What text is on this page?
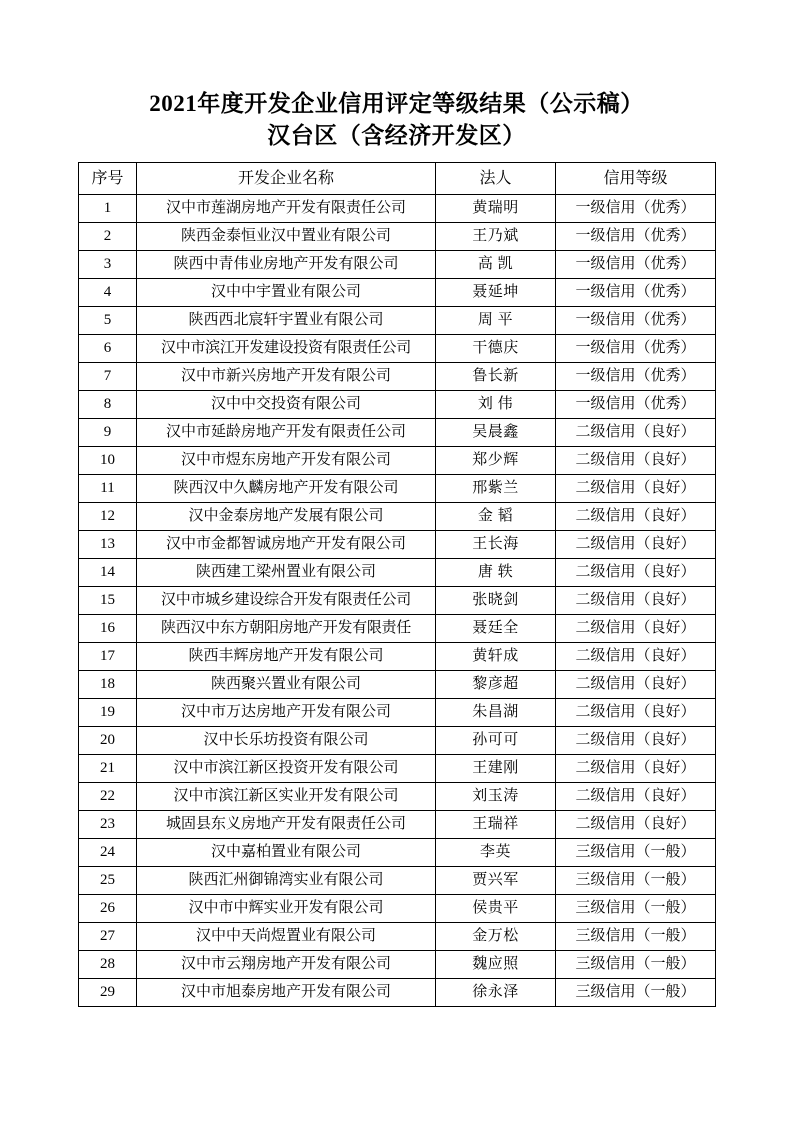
2021年度开发企业信用评定等级结果（公示稿）
汉台区（含经济开发区）
序号	开发企业名称	法人	信用等级
1	汉中市莲湖房地产开发有限责任公司	黄瑞明	一级信用（优秀）
2	陕西金泰恒业汉中置业有限公司	王乃斌	一级信用（优秀）
3	陕西中青伟业房地产开发有限公司	高 凯	一级信用（优秀）
4	汉中中宇置业有限公司	聂延坤	一级信用（优秀）
5	陕西西北宸轩宇置业有限公司	周 平	一级信用（优秀）
6	汉中市滨江开发建设投资有限责任公司	干德庆	一级信用（优秀）
7	汉中市新兴房地产开发有限公司	鲁长新	一级信用（优秀）
8	汉中中交投资有限公司	刘 伟	一级信用（优秀）
9	汉中市延龄房地产开发有限责任公司	吴晨鑫	二级信用（良好）
10	汉中市煜东房地产开发有限公司	郑少辉	二级信用（良好）
11	陕西汉中久麟房地产开发有限公司	邢紫兰	二级信用（良好）
12	汉中金泰房地产发展有限公司	金 韬	二级信用（良好）
13	汉中市金都智诚房地产开发有限公司	王长海	二级信用（良好）
14	陕西建工梁州置业有限公司	唐 轶	二级信用（良好）
15	汉中市城乡建设综合开发有限责任公司	张晓剑	二级信用（良好）
16	陕西汉中东方朝阳房地产开发有限责任	聂廷全	二级信用（良好）
17	陕西丰辉房地产开发有限公司	黄轩成	二级信用（良好）
18	陕西聚兴置业有限公司	黎彦超	二级信用（良好）
19	汉中市万达房地产开发有限公司	朱昌湖	二级信用（良好）
20	汉中长乐坊投资有限公司	孙可可	二级信用（良好）
21	汉中市滨江新区投资开发有限公司	王建刚	二级信用（良好）
22	汉中市滨江新区实业开发有限公司	刘玉涛	二级信用（良好）
23	城固县东义房地产开发有限责任公司	王瑞祥	二级信用（良好）
24	汉中嘉柏置业有限公司	李英	三级信用（一般）
25	陕西汇州御锦湾实业有限公司	贾兴军	三级信用（一般）
26	汉中市中辉实业开发有限公司	侯贵平	三级信用（一般）
27	汉中中天尚煜置业有限公司	金万松	三级信用（一般）
28	汉中市云翔房地产开发有限公司	魏应照	三级信用（一般）
29	汉中市旭泰房地产开发有限公司	徐永泽	三级信用（一般）
